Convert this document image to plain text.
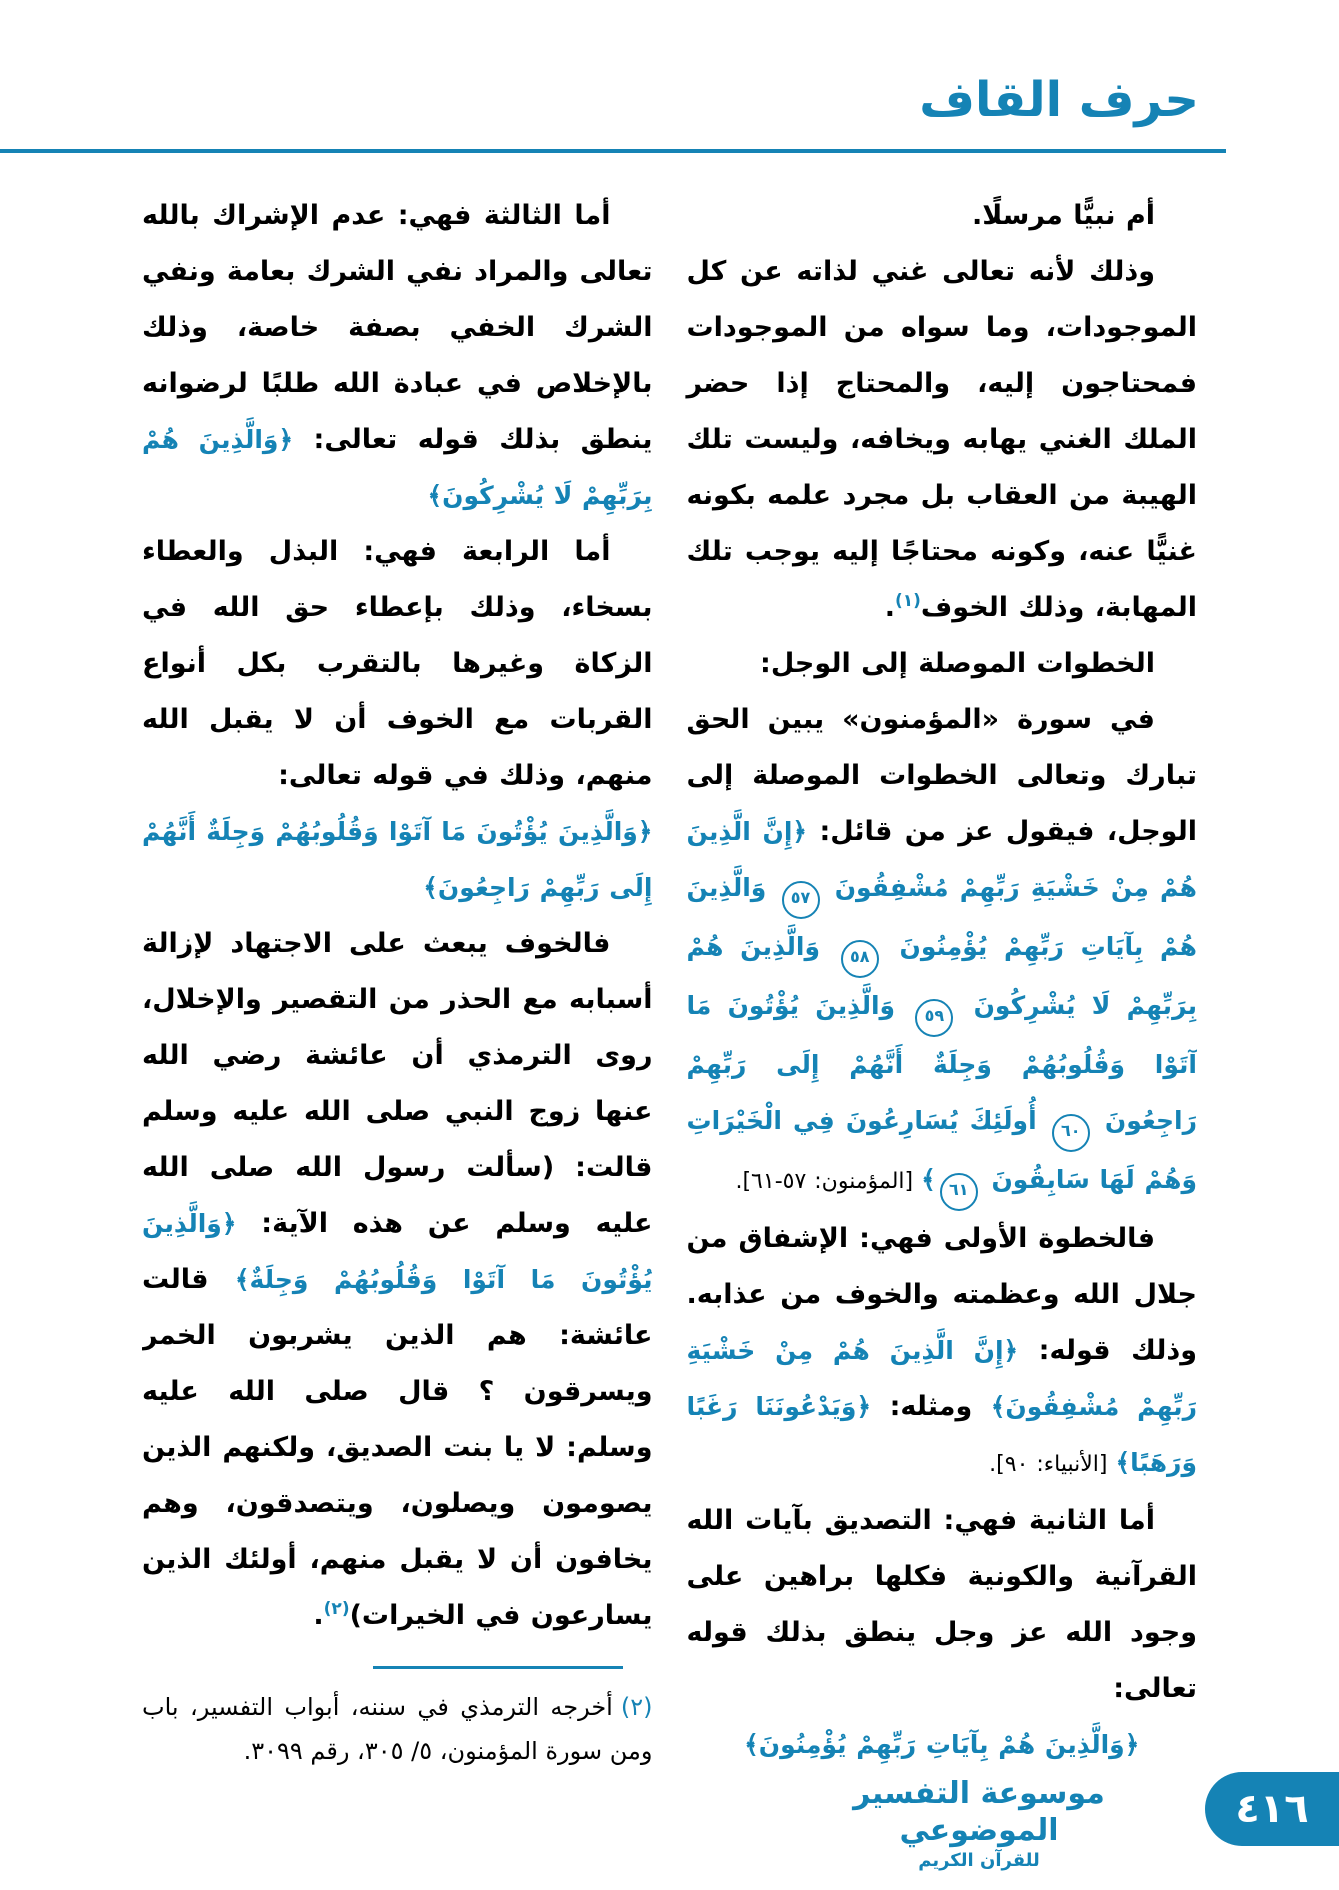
حرف القاف
أم نبيًّا مرسلًا.
وذلك لأنه تعالى غني لذاته عن كل الموجودات، وما سواه من الموجودات فمحتاجون إليه، والمحتاج إذا حضر الملك الغني يهابه ويخافه، وليست تلك الهيبة من العقاب بل مجرد علمه بكونه غنيًّا عنه، وكونه محتاجًا إليه يوجب تلك المهابة، وذلك الخوف$^{(١)}$.
الخطوات الموصلة إلى الوجل:
في سورة «المؤمنون» يبين الحق تبارك وتعالى الخطوات الموصلة إلى الوجل، فيقول عز من قائل: ﴿إِنَّ الَّذِينَ هُمْ مِنْ خَشْيَةِ رَبِّهِمْ مُشْفِقُونَ ٥٧ وَالَّذِينَ هُمْ بِآيَاتِ رَبِّهِمْ يُؤْمِنُونَ ٥٨ وَالَّذِينَ هُمْ بِرَبِّهِمْ لَا يُشْرِكُونَ ٥٩ وَالَّذِينَ يُؤْتُونَ مَا آتَوْا وَقُلُوبُهُمْ وَجِلَةٌ أَنَّهُمْ إِلَى رَبِّهِمْ رَاجِعُونَ ٦٠ أُولَئِكَ يُسَارِعُونَ فِي الْخَيْرَاتِ وَهُمْ لَهَا سَابِقُونَ ٦١﴾ [المؤمنون: ٥٧-٦١].
فالخطوة الأولى فهي: الإشفاق من جلال الله وعظمته والخوف من عذابه. وذلك قوله: ﴿إِنَّ الَّذِينَ هُمْ مِنْ خَشْيَةِ رَبِّهِمْ مُشْفِقُونَ﴾ ومثله: ﴿وَيَدْعُونَنَا رَغَبًا وَرَهَبًا﴾ [الأنبياء: ٩٠].
أما الثانية فهي: التصديق بآيات الله القرآنية والكونية فكلها براهين على وجود الله عز وجل ينطق بذلك قوله تعالى:
﴿وَالَّذِينَ هُمْ بِآيَاتِ رَبِّهِمْ يُؤْمِنُونَ﴾
أما الثالثة فهي: عدم الإشراك بالله تعالى والمراد نفي الشرك بعامة ونفي الشرك الخفي بصفة خاصة، وذلك بالإخلاص في عبادة الله طلبًا لرضوانه ينطق بذلك قوله تعالى: ﴿وَالَّذِينَ هُمْ بِرَبِّهِمْ لَا يُشْرِكُونَ﴾
أما الرابعة فهي: البذل والعطاء بسخاء، وذلك بإعطاء حق الله في الزكاة وغيرها بالتقرب بكل أنواع القربات مع الخوف أن لا يقبل الله منهم، وذلك في قوله تعالى:
﴿وَالَّذِينَ يُؤْتُونَ مَا آتَوْا وَقُلُوبُهُمْ وَجِلَةٌ أَنَّهُمْ إِلَى رَبِّهِمْ رَاجِعُونَ﴾
فالخوف يبعث على الاجتهاد لإزالة أسبابه مع الحذر من التقصير والإخلال، روى الترمذي أن عائشة رضي الله عنها زوج النبي صلى الله عليه وسلم قالت: (سألت رسول الله صلى الله عليه وسلم عن هذه الآية: ﴿وَالَّذِينَ يُؤْتُونَ مَا آتَوْا وَقُلُوبُهُمْ وَجِلَةٌ﴾ قالت عائشة: هم الذين يشربون الخمر ويسرقون ؟ قال صلى الله عليه وسلم: لا يا بنت الصديق، ولكنهم الذين يصومون ويصلون، ويتصدقون، وهم يخافون أن لا يقبل منهم، أولئك الذين يسارعون في الخيرات)$^{(٢)}$.
(٢)أخرجه الترمذي في سننه، أبواب التفسير، باب ومن سورة المؤمنون، ٥/ ٣٠٥، رقم ٣٠٩٩.
موسوعة التفسير الموضوعي
للقرآن الكريم
٤١٦
